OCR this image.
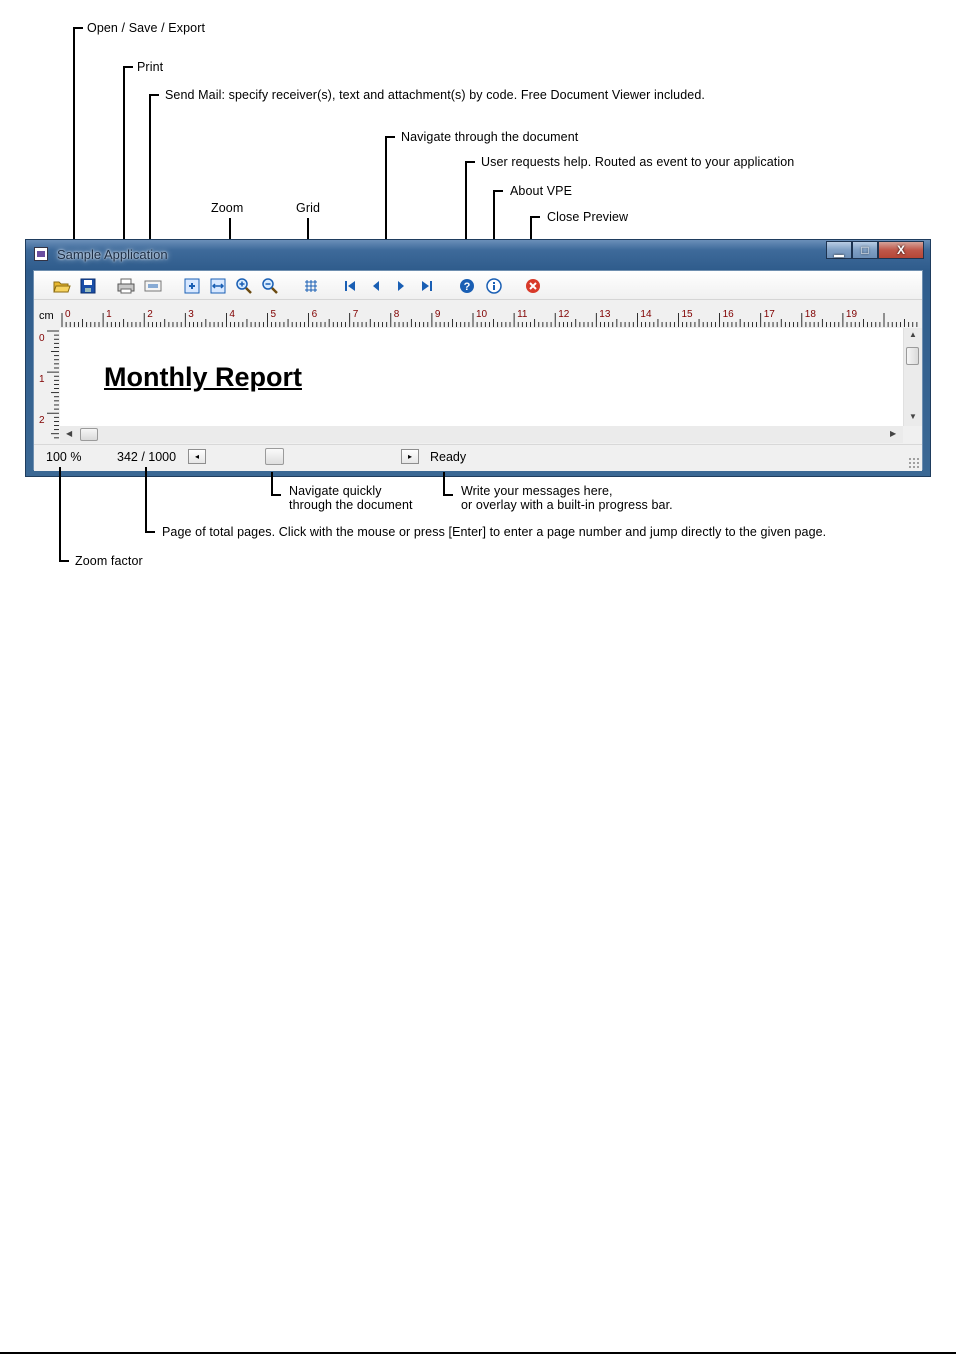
Open / Save / Export
Print
Send Mail: specify receiver(s), text and attachment(s) by code. Free Document Viewer included.
Navigate through the document
User requests help. Routed as event to your application
About VPE
Close Preview
Zoom	Grid
Sample Application	▁	□	X
?
cm 0	1	2	3	4	5	6	7	8	9	10	11	12	13	14	15	16	17	18	19
0
1
2
Monthly Report
▲
▼
◀	▶
100 %	342 / 1000	◂	▸	Ready
Navigate quickly
through the document
Write your messages here,
or overlay with a built-in progress bar.
Page of total pages. Click with the mouse or press [Enter] to enter a page number and jump directly to the given page.
Zoom factor
